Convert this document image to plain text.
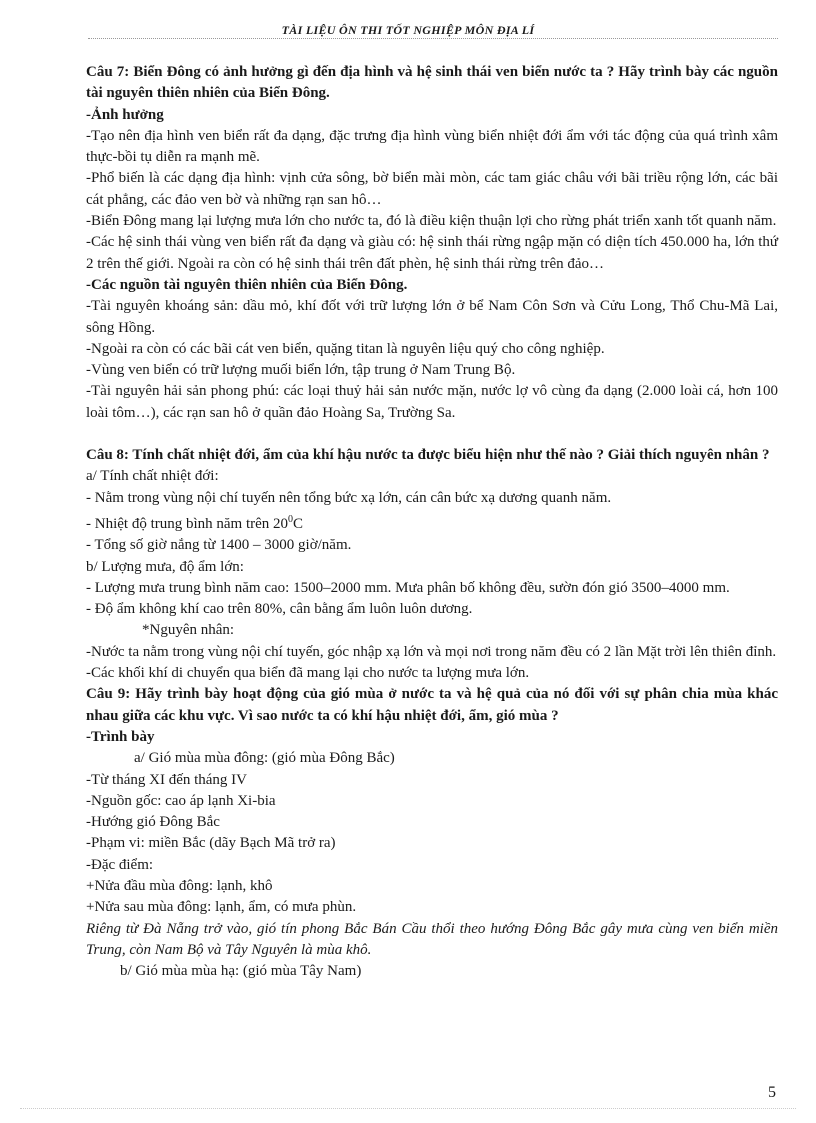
TÀI LIỆU ÔN THI TỐT NGHIỆP MÔN ĐỊA LÍ

Câu 7: Biển Đông có ảnh hưởng gì đến địa hình và hệ sinh thái ven biển nước ta ? Hãy trình bày các nguồn tài nguyên thiên nhiên của Biển Đông.

-Ảnh hưởng

-Tạo nên địa hình ven biển rất đa dạng, đặc trưng địa hình vùng biển nhiệt đới ẩm với tác động của quá trình xâm thực-bồi tụ diễn ra mạnh mẽ.

-Phổ biến là các dạng địa hình: vịnh cửa sông, bờ biển mài mòn, các tam giác châu với bãi triều rộng lớn, các bãi cát phẳng, các đảo ven bờ và những rạn san hô…

-Biển Đông mang lại lượng mưa lớn cho nước ta, đó là điều kiện thuận lợi cho rừng phát triển xanh tốt quanh năm.

-Các hệ sinh thái vùng ven biển rất đa dạng và giàu có: hệ sinh thái rừng ngập mặn có diện tích 450.000 ha, lớn thứ 2 trên thế giới. Ngoài ra còn có hệ sinh thái trên đất phèn, hệ sinh thái rừng trên đảo…

-Các nguồn tài nguyên thiên nhiên của Biển Đông.

-Tài nguyên khoáng sản: dầu mỏ, khí đốt với trữ lượng lớn ở bể Nam Côn Sơn và Cửu Long, Thổ Chu-Mã Lai, sông Hồng.

-Ngoài ra còn có các bãi cát ven biển, quặng titan là nguyên liệu quý cho công nghiệp.

-Vùng ven biển có trữ lượng muối biển lớn, tập trung ở Nam Trung Bộ.

-Tài nguyên hải sản phong phú: các loại thuỷ hải sản nước mặn, nước lợ vô cùng đa dạng (2.000 loài cá, hơn 100 loài tôm…), các rạn san hô ở quần đảo Hoàng Sa, Trường Sa.

Câu 8: Tính chất nhiệt đới, ẩm của khí hậu nước ta được biểu hiện như thế nào ? Giải thích nguyên nhân ?

a/ Tính chất nhiệt đới:

- Nằm trong vùng nội chí tuyến nên tổng bức xạ lớn, cán cân bức xạ dương quanh năm.

- Nhiệt độ trung bình năm trên $20^0C$

- Tổng số giờ nắng từ 1400 – 3000 giờ/năm.

b/ Lượng mưa, độ ẩm lớn:

- Lượng mưa trung bình năm cao: 1500–2000 mm. Mưa phân bố không đều, sườn đón gió 3500–4000 mm.

- Độ ẩm không khí cao trên 80%, cân bằng ẩm luôn luôn dương.

*Nguyên nhân:

-Nước ta nằm trong vùng nội chí tuyến, góc nhập xạ lớn và mọi nơi trong năm đều có 2 lần Mặt trời lên thiên đỉnh.

-Các khối khí di chuyển qua biển đã mang lại cho nước ta lượng mưa lớn.

Câu 9: Hãy trình bày hoạt động của gió mùa ở nước ta và hệ quả của nó đối với sự phân chia mùa khác nhau giữa các khu vực. Vì sao nước ta có khí hậu nhiệt đới, ẩm, gió mùa ?

-Trình bày

a/ Gió mùa mùa đông: (gió mùa Đông Bắc)

-Từ tháng XI đến tháng IV

-Nguồn gốc: cao áp lạnh Xi-bia

-Hướng gió Đông Bắc

-Phạm vi: miền Bắc (dãy Bạch Mã trở ra)

-Đặc điểm:

+Nửa đầu mùa đông: lạnh, khô

+Nửa sau mùa đông: lạnh, ẩm, có mưa phùn.

Riêng từ Đà Nẵng trở vào, gió tín phong Bắc Bán Cầu thổi theo hướng Đông Bắc gây mưa cùng ven biển miền Trung, còn Nam Bộ và Tây Nguyên là mùa khô.

b/ Gió mùa mùa hạ: (gió mùa Tây Nam)

5
